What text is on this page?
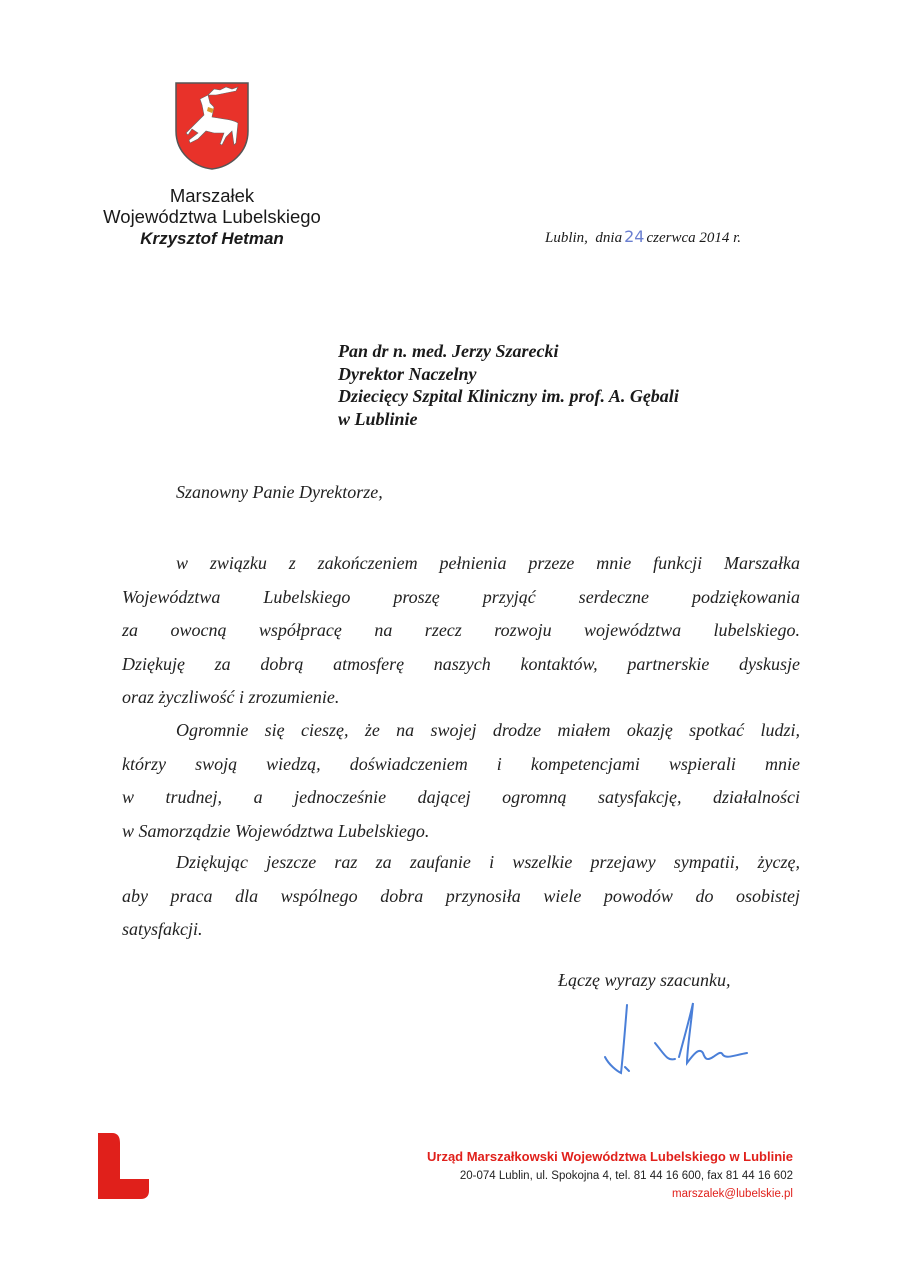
Marszałek
Województwa Lubelskiego
Krzysztof Hetman	Lublin,  dnia 24 czerwca 2014 r.
Pan dr n. med. Jerzy Szarecki
Dyrektor Naczelny
Dziecięcy Szpital Kliniczny im. prof. A. Gębali
w Lublinie
Szanowny Panie Dyrektorze,
w związku z zakończeniem pełnienia przeze mnie funkcji Marszałka
Województwa Lubelskiego proszę przyjąć serdeczne podziękowania
za owocną współpracę na rzecz rozwoju województwa lubelskiego.
Dziękuję za dobrą atmosferę naszych kontaktów, partnerskie dyskusje
oraz życzliwość i zrozumienie.
Ogromnie się cieszę, że na swojej drodze miałem okazję spotkać ludzi,
którzy swoją wiedzą, doświadczeniem i kompetencjami wspierali mnie
w trudnej, a jednocześnie dającej ogromną satysfakcję, działalności
w Samorządzie Województwa Lubelskiego.
Dziękując jeszcze raz za zaufanie i wszelkie przejawy sympatii, życzę,
aby praca dla wspólnego dobra przynosiła wiele powodów do osobistej
satysfakcji.
Łączę wyrazy szacunku,
Urząd Marszałkowski Województwa Lubelskiego w Lublinie
20-074 Lublin, ul. Spokojna 4, tel. 81 44 16 600, fax 81 44 16 602
marszalek@lubelskie.pl
